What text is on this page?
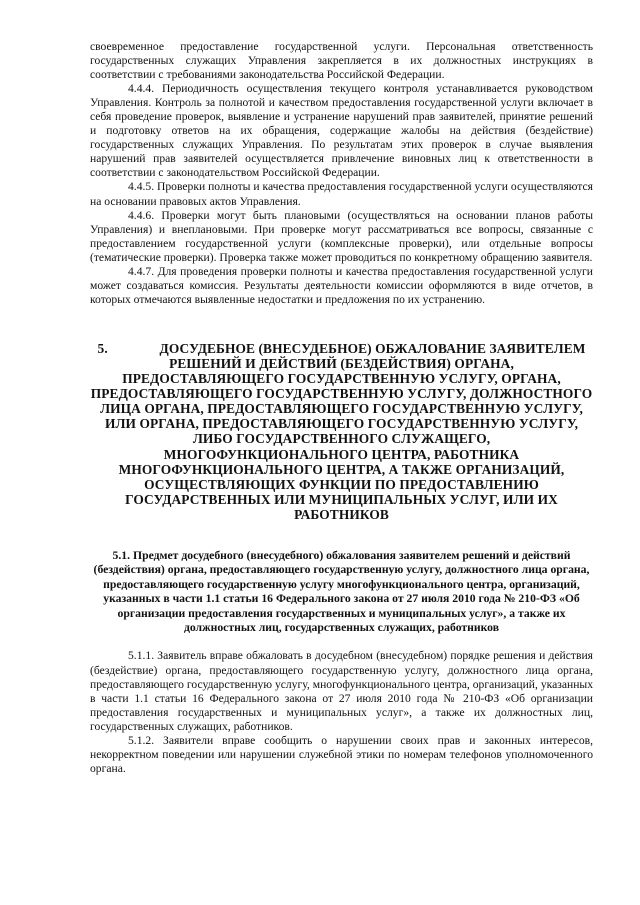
своевременное предоставление государственной услуги. Персональная ответственность государственных служащих Управления закрепляется в их должностных инструкциях в соответствии с требованиями законодательства Российской Федерации.

4.4.4. Периодичность осуществления текущего контроля устанавливается руководством Управления. Контроль за полнотой и качеством предоставления государственной услуги включает в себя проведение проверок, выявление и устранение нарушений прав заявителей, принятие решений и подготовку ответов на их обращения, содержащие жалобы на действия (бездействие) государственных служащих Управления. По результатам этих проверок в случае выявления нарушений прав заявителей осуществляется привлечение виновных лиц к ответственности в соответствии с законодательством Российской Федерации.

4.4.5. Проверки полноты и качества предоставления государственной услуги осуществляются на основании правовых актов Управления.

4.4.6. Проверки могут быть плановыми (осуществляться на основании планов работы Управления) и внеплановыми. При проверке могут рассматриваться все вопросы, связанные с предоставлением государственной услуги (комплексные проверки), или отдельные вопросы (тематические проверки). Проверка также может проводиться по конкретному обращению заявителя.

4.4.7. Для проведения проверки полноты и качества предоставления государственной услуги может создаваться комиссия. Результаты деятельности комиссии оформляются в виде отчетов, в которых отмечаются выявленные недостатки и предложения по их устранению.

5.	ДОСУДЕБНОЕ (ВНЕСУДЕБНОЕ) ОБЖАЛОВАНИЕ ЗАЯВИТЕЛЕМ РЕШЕНИЙ И ДЕЙСТВИЙ (БЕЗДЕЙСТВИЯ) ОРГАНА, ПРЕДОСТАВЛЯЮЩЕГО ГОСУДАРСТВЕННУЮ УСЛУГУ, ОРГАНА, ПРЕДОСТАВЛЯЮЩЕГО ГОСУДАРСТВЕННУЮ УСЛУГУ, ДОЛЖНОСТНОГО ЛИЦА ОРГАНА, ПРЕДОСТАВЛЯЮЩЕГО ГОСУДАРСТВЕННУЮ УСЛУГУ, ИЛИ ОРГАНА, ПРЕДОСТАВЛЯЮЩЕГО ГОСУДАРСТВЕННУЮ УСЛУГУ, ЛИБО ГОСУДАРСТВЕННОГО СЛУЖАЩЕГО, МНОГОФУНКЦИОНАЛЬНОГО ЦЕНТРА, РАБОТНИКА МНОГОФУНКЦИОНАЛЬНОГО ЦЕНТРА, А ТАКЖЕ ОРГАНИЗАЦИЙ, ОСУЩЕСТВЛЯЮЩИХ ФУНКЦИИ ПО ПРЕДОСТАВЛЕНИЮ ГОСУДАРСТВЕННЫХ ИЛИ МУНИЦИПАЛЬНЫХ УСЛУГ, ИЛИ ИХ РАБОТНИКОВ

5.1. Предмет досудебного (внесудебного) обжалования заявителем решений и действий (бездействия) органа, предоставляющего государственную услугу, должностного лица органа, предоставляющего государственную услугу многофункционального центра, организаций, указанных в части 1.1 статьи 16 Федерального закона от 27 июля 2010 года № 210-ФЗ «Об организации предоставления государственных и муниципальных услуг», а также их должностных лиц, государственных служащих, работников

5.1.1. Заявитель вправе обжаловать в досудебном (внесудебном) порядке решения и действия (бездействие) органа, предоставляющего государственную услугу, должностного лица органа, предоставляющего государственную услугу, многофункционального центра, организаций, указанных в части 1.1 статьи 16 Федерального закона от 27 июля 2010 года № 210-ФЗ «Об организации предоставления государственных и муниципальных услуг», а также их должностных лиц, государственных служащих, работников.

5.1.2. Заявители вправе сообщить о нарушении своих прав и законных интересов, некорректном поведении или нарушении служебной этики по номерам телефонов уполномоченного органа.
